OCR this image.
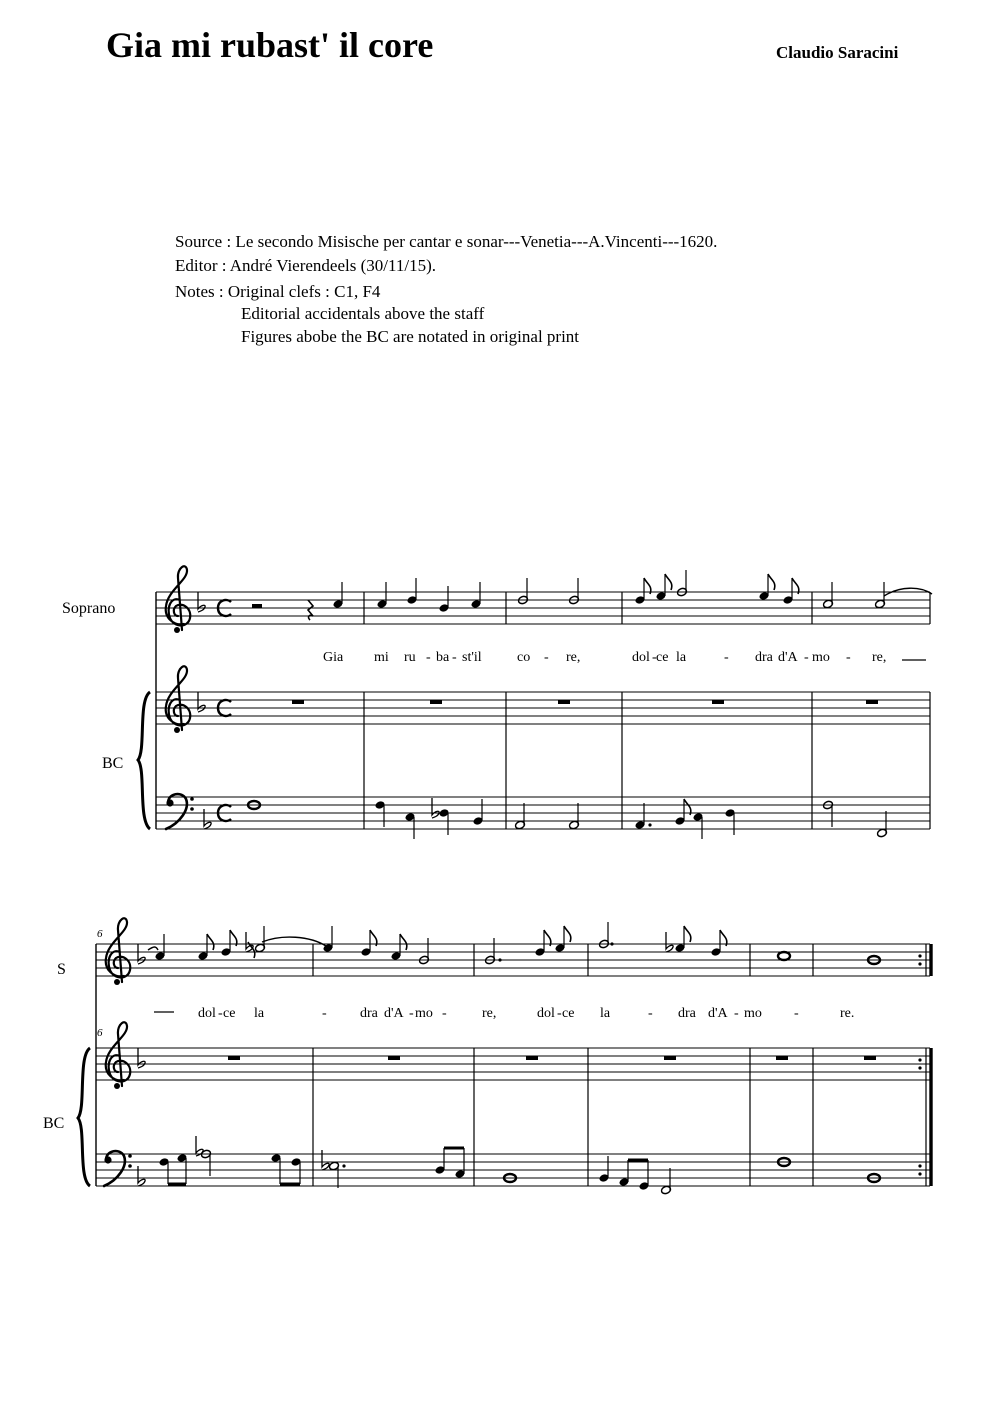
Gia mi rubast' il core	Claudio Saracini
Source : Le secondo Misische per cantar e sonar---Venetia---A.Vincenti---1620.
Editor : André Vierendeels (30/11/15).
Notes : Original clefs : C1, F4
Editorial accidentals above the staff
Figures abobe the BC are notated in original print
Soprano
BC
Gia mi ru - ba - st'il	co - re,	dol - ce la	- dra d'A - mo - re,
6
6
S
BC
dol - ce la	- dra d'A - mo -	re,	dol - ce la	- dra d'A - mo -	re.
